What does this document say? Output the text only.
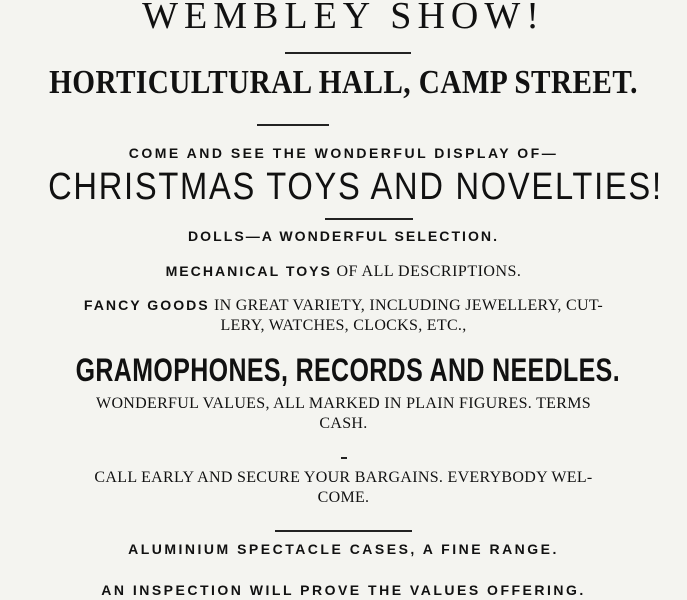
WEMBLEY SHOW!
HORTICULTURAL HALL, CAMP STREET.
COME AND SEE THE WONDERFUL DISPLAY OF—
CHRISTMAS TOYS AND NOVELTIES!
DOLLS—A WONDERFUL SELECTION.
MECHANICAL TOYS OF ALL DESCRIPTIONS.
FANCY GOODS IN GREAT VARIETY, INCLUDING JEWELLERY, CUT-
LERY, WATCHES, CLOCKS, ETC.,
GRAMOPHONES, RECORDS AND NEEDLES.
WONDERFUL VALUES, ALL MARKED IN PLAIN FIGURES. TERMS
CASH.
CALL EARLY AND SECURE YOUR BARGAINS. EVERYBODY WEL-
COME.
ALUMINIUM SPECTACLE CASES, A FINE RANGE.
AN INSPECTION WILL PROVE THE VALUES OFFERING.
